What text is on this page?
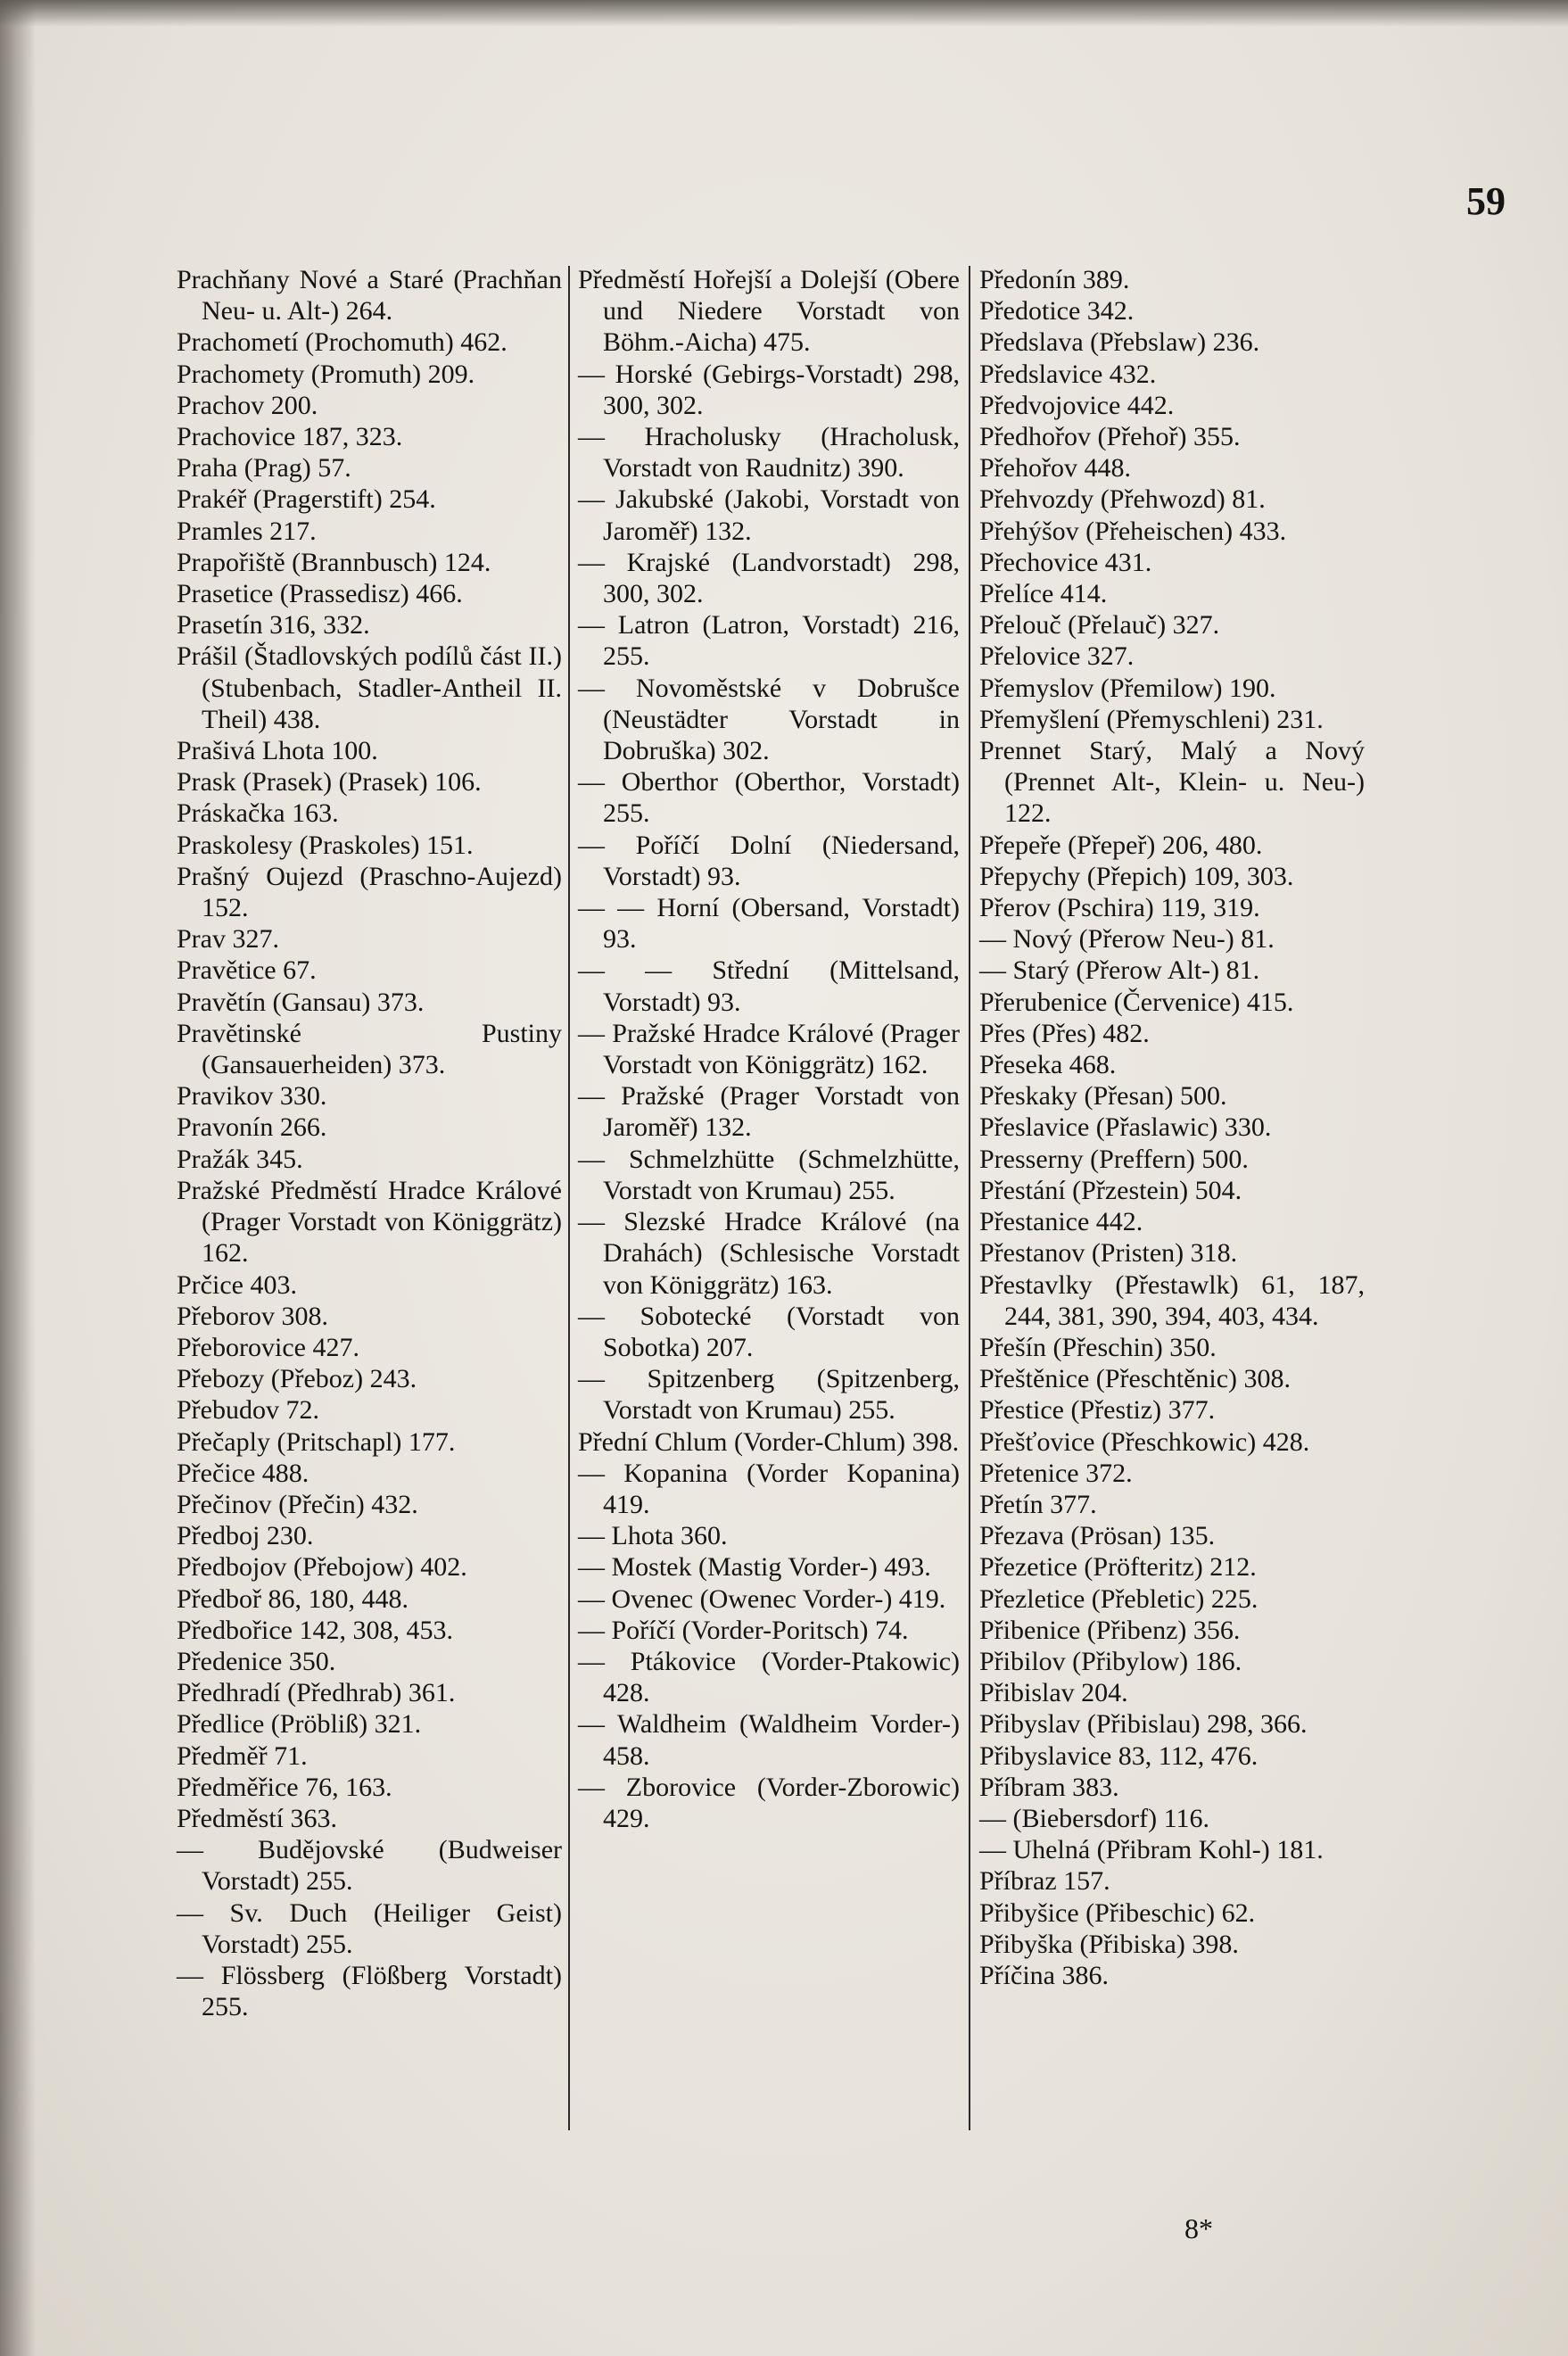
59

Prachňany Nové a Staré (Prachňan Neu- u. Alt-) 264.

Prachometí (Prochomuth) 462.

Prachomety (Promuth) 209.

Prachov 200.

Prachovice 187, 323.

Praha (Prag) 57.

Prakéř (Pragerstift) 254.

Pramles 217.

Prapořiště (Brannbusch) 124.

Prasetice (Prassedisz) 466.

Prasetín 316, 332.

Prášil (Štadlovských podílů část II.) (Stubenbach, Stadler-Antheil II. Theil) 438.

Prašivá Lhota 100.

Prask (Prasek) (Prasek) 106.

Práskačka 163.

Praskolesy (Praskoles) 151.

Prašný Oujezd (Praschno-Aujezd) 152.

Prav 327.

Pravětice 67.

Pravětín (Gansau) 373.

Pravětinské Pustiny (Gansauerheiden) 373.

Pravikov 330.

Pravonín 266.

Pražák 345.

Pražské Předměstí Hradce Králové (Prager Vorstadt von Königgrätz) 162.

Prčice 403.

Přeborov 308.

Přeborovice 427.

Přebozy (Přeboz) 243.

Přebudov 72.

Přečaply (Pritschapl) 177.

Přečice 488.

Přečinov (Přečin) 432.

Předboj 230.

Předbojov (Přebojow) 402.

Předboř 86, 180, 448.

Předbořice 142, 308, 453.

Předenice 350.

Předhradí (Předhrab) 361.

Předlice (Pröbliß) 321.

Předměř 71.

Předměřice 76, 163.

Předměstí 363.

— Budějovské (Budweiser Vorstadt) 255.

— Sv. Duch (Heiliger Geist) Vorstadt) 255.

— Flössberg (Flößberg Vorstadt) 255.

Předměstí Hořejší a Dolejší (Obere und Niedere Vorstadt von Böhm.-Aicha) 475.

— Horské (Gebirgs-Vorstadt) 298, 300, 302.

— Hracholusky (Hracholusk, Vorstadt von Raudnitz) 390.

— Jakubské (Jakobi, Vorstadt von Jaroměř) 132.

— Krajské (Landvorstadt) 298, 300, 302.

— Latron (Latron, Vorstadt) 216, 255.

— Novoměstské v Dobrušce (Neustädter Vorstadt in Dobruška) 302.

— Oberthor (Oberthor, Vorstadt) 255.

— Poříčí Dolní (Niedersand, Vorstadt) 93.

— — Horní (Obersand, Vorstadt) 93.

— — Střední (Mittelsand, Vorstadt) 93.

— Pražské Hradce Králové (Prager Vorstadt von Königgrätz) 162.

— Pražské (Prager Vorstadt von Jaroměř) 132.

— Schmelzhütte (Schmelzhütte, Vorstadt von Krumau) 255.

— Slezské Hradce Králové (na Drahách) (Schlesische Vorstadt von Königgrätz) 163.

— Sobotecké (Vorstadt von Sobotka) 207.

— Spitzenberg (Spitzenberg, Vorstadt von Krumau) 255.

Přední Chlum (Vorder-Chlum) 398.

— Kopanina (Vorder Kopanina) 419.

— Lhota 360.

— Mostek (Mastig Vorder-) 493.

— Ovenec (Owenec Vorder-) 419.

— Poříčí (Vorder-Poritsch) 74.

— Ptákovice (Vorder-Ptakowic) 428.

— Waldheim (Waldheim Vorder-) 458.

— Zborovice (Vorder-Zborowic) 429.

Předonín 389.

Předotice 342.

Předslava (Přebslaw) 236.

Předslavice 432.

Předvojovice 442.

Předhořov (Přehoř) 355.

Přehořov 448.

Přehvozdy (Přehwozd) 81.

Přehýšov (Přeheischen) 433.

Přechovice 431.

Přelíce 414.

Přelouč (Přelauč) 327.

Přelovice 327.

Přemyslov (Přemilow) 190.

Přemyšlení (Přemyschleni) 231.

Prennet Starý, Malý a Nový (Prennet Alt-, Klein- u. Neu-) 122.

Přepeře (Přepeř) 206, 480.

Přepychy (Přepich) 109, 303.

Přerov (Pschira) 119, 319.

— Nový (Přerow Neu-) 81.

— Starý (Přerow Alt-) 81.

Přerubenice (Červenice) 415.

Přes (Přes) 482.

Přeseka 468.

Přeskaky (Přesan) 500.

Přeslavice (Přaslawic) 330.

Presserny (Preffern) 500.

Přestání (Přzestein) 504.

Přestanice 442.

Přestanov (Pristen) 318.

Přestavlky (Přestawlk) 61, 187, 244, 381, 390, 394, 403, 434.

Přešín (Přeschin) 350.

Přeštěnice (Přeschtěnic) 308.

Přestice (Přestiz) 377.

Přešťovice (Přeschkowic) 428.

Přetenice 372.

Přetín 377.

Přezava (Prösan) 135.

Přezetice (Pröfteritz) 212.

Přezletice (Přebletic) 225.

Přibenice (Přibenz) 356.

Přibilov (Přibylow) 186.

Přibislav 204.

Přibyslav (Přibislau) 298, 366.

Přibyslavice 83, 112, 476.

Příbram 383.

— (Biebersdorf) 116.

— Uhelná (Přibram Kohl-) 181.

Příbraz 157.

Přibyšice (Přibeschic) 62.

Přibyška (Přibiska) 398.

Příčina 386.

8*
